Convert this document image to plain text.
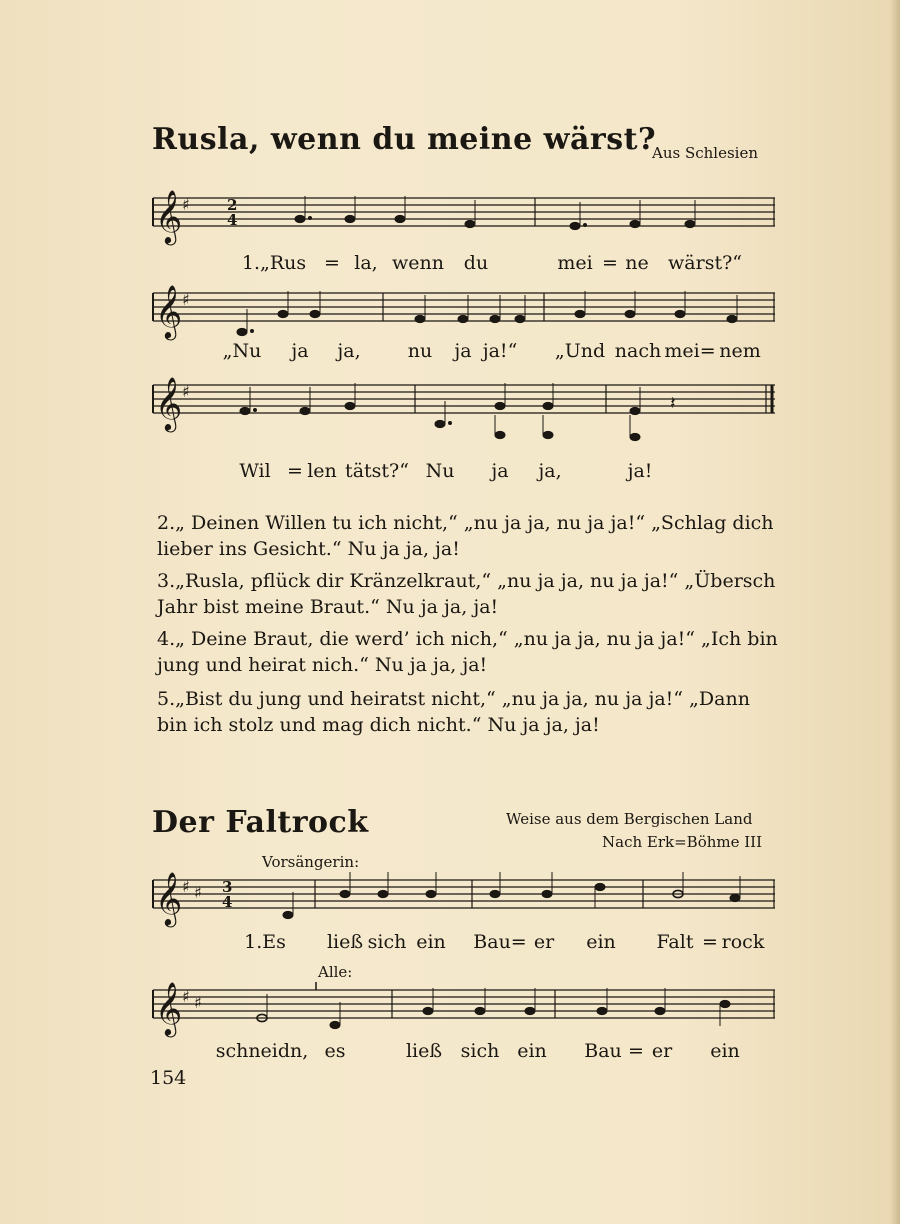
Rusla, wenn du meine wärst?
Aus Schlesien
𝄞 ♯ 2
4
1.„Rus = la, wenn du	mei = ne wärst?“
𝄞 ♯
„Nu ja ja, nu ja ja!“ „Und nach mei= nem
𝄞 ♯
𝄽
Wil = len tätst?“ Nu ja ja,	ja!
2.„ Deinen Willen tu ich nicht,“ „nu ja ja, nu ja ja!“ „Schlag dich lieber ins Gesicht.“ Nu ja ja, ja!
3.„Rusla, pflück dir Kränzelkraut,“ „nu ja ja, nu ja ja!“ „Übersch Jahr bist meine Braut.“ Nu ja ja, ja!
4.„ Deine Braut, die werd’ ich nich,“ „nu ja ja, nu ja ja!“ „Ich bin jung und heirat nich.“ Nu ja ja, ja!
5.„Bist du jung und heiratst nicht,“ „nu ja ja, nu ja ja!“ „Dann bin ich stolz und mag dich nicht.“ Nu ja ja, ja!
Der Faltrock	Weise aus dem Bergischen Land
Nach Erk=Böhme III
Vorsängerin:
𝄞 ♯ ♯ 3
4
1.Es ließ sich ein Bau= er ein Falt = rock
Alle:
𝄞 ♯ ♯
schneidn, es	ließ sich ein Bau = er ein
154
